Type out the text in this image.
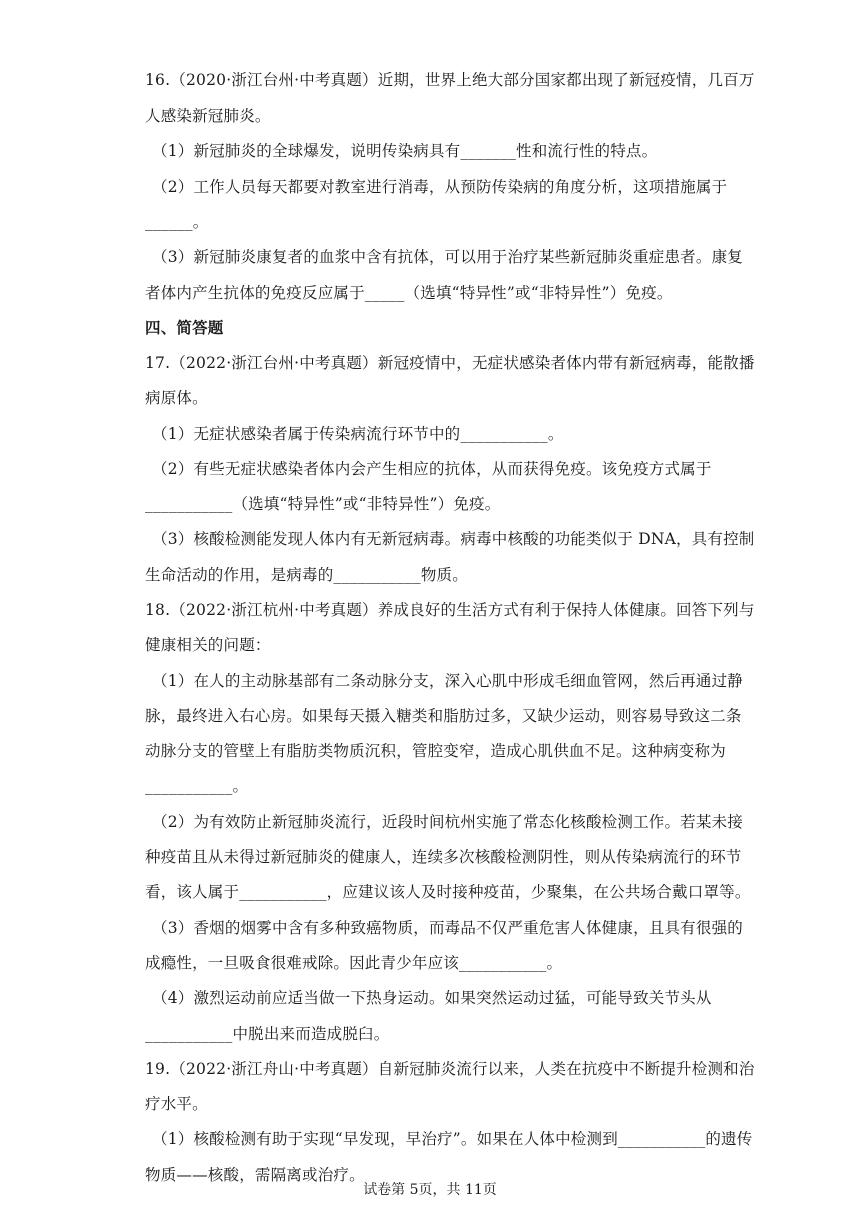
16.（2020·浙江台州·中考真题）近期，世界上绝大部分国家都出现了新冠疫情，几百万
人感染新冠肺炎。
（1）新冠肺炎的全球爆发，说明传染病具有_______性和流行性的特点。
（2）工作人员每天都要对教室进行消毒，从预防传染病的角度分析，这项措施属于
______。
（3）新冠肺炎康复者的血浆中含有抗体，可以用于治疗某些新冠肺炎重症患者。康复
者体内产生抗体的免疫反应属于_____（选填“特异性”或“非特异性”）免疫。
四、简答题
17.（2022·浙江台州·中考真题）新冠疫情中，无症状感染者体内带有新冠病毒，能散播
病原体。
（1）无症状感染者属于传染病流行环节中的___________。
（2）有些无症状感染者体内会产生相应的抗体，从而获得免疫。该免疫方式属于
___________（选填“特异性”或“非特异性”）免疫。
（3）核酸检测能发现人体内有无新冠病毒。病毒中核酸的功能类似于 DNA，具有控制
生命活动的作用，是病毒的___________物质。
18.（2022·浙江杭州·中考真题）养成良好的生活方式有利于保持人体健康。回答下列与
健康相关的问题：
（1）在人的主动脉基部有二条动脉分支，深入心肌中形成毛细血管网，然后再通过静
脉，最终进入右心房。如果每天摄入糖类和脂肪过多，又缺少运动，则容易导致这二条
动脉分支的管壁上有脂肪类物质沉积，管腔变窄，造成心肌供血不足。这种病变称为
___________。
（2）为有效防止新冠肺炎流行，近段时间杭州实施了常态化核酸检测工作。若某未接
种疫苗且从未得过新冠肺炎的健康人，连续多次核酸检测阴性，则从传染病流行的环节
看，该人属于___________，应建议该人及时接种疫苗，少聚集，在公共场合戴口罩等。
（3）香烟的烟雾中含有多种致癌物质，而毒品不仅严重危害人体健康，且具有很强的
成瘾性，一旦吸食很难戒除。因此青少年应该___________。
（4）激烈运动前应适当做一下热身运动。如果突然运动过猛，可能导致关节头从
___________中脱出来而造成脱臼。
19.（2022·浙江舟山·中考真题）自新冠肺炎流行以来，人类在抗疫中不断提升检测和治
疗水平。
（1）核酸检测有助于实现“早发现，早治疗”。如果在人体中检测到___________的遗传
物质——核酸，需隔离或治疗。
试卷第 5页，共 11页
